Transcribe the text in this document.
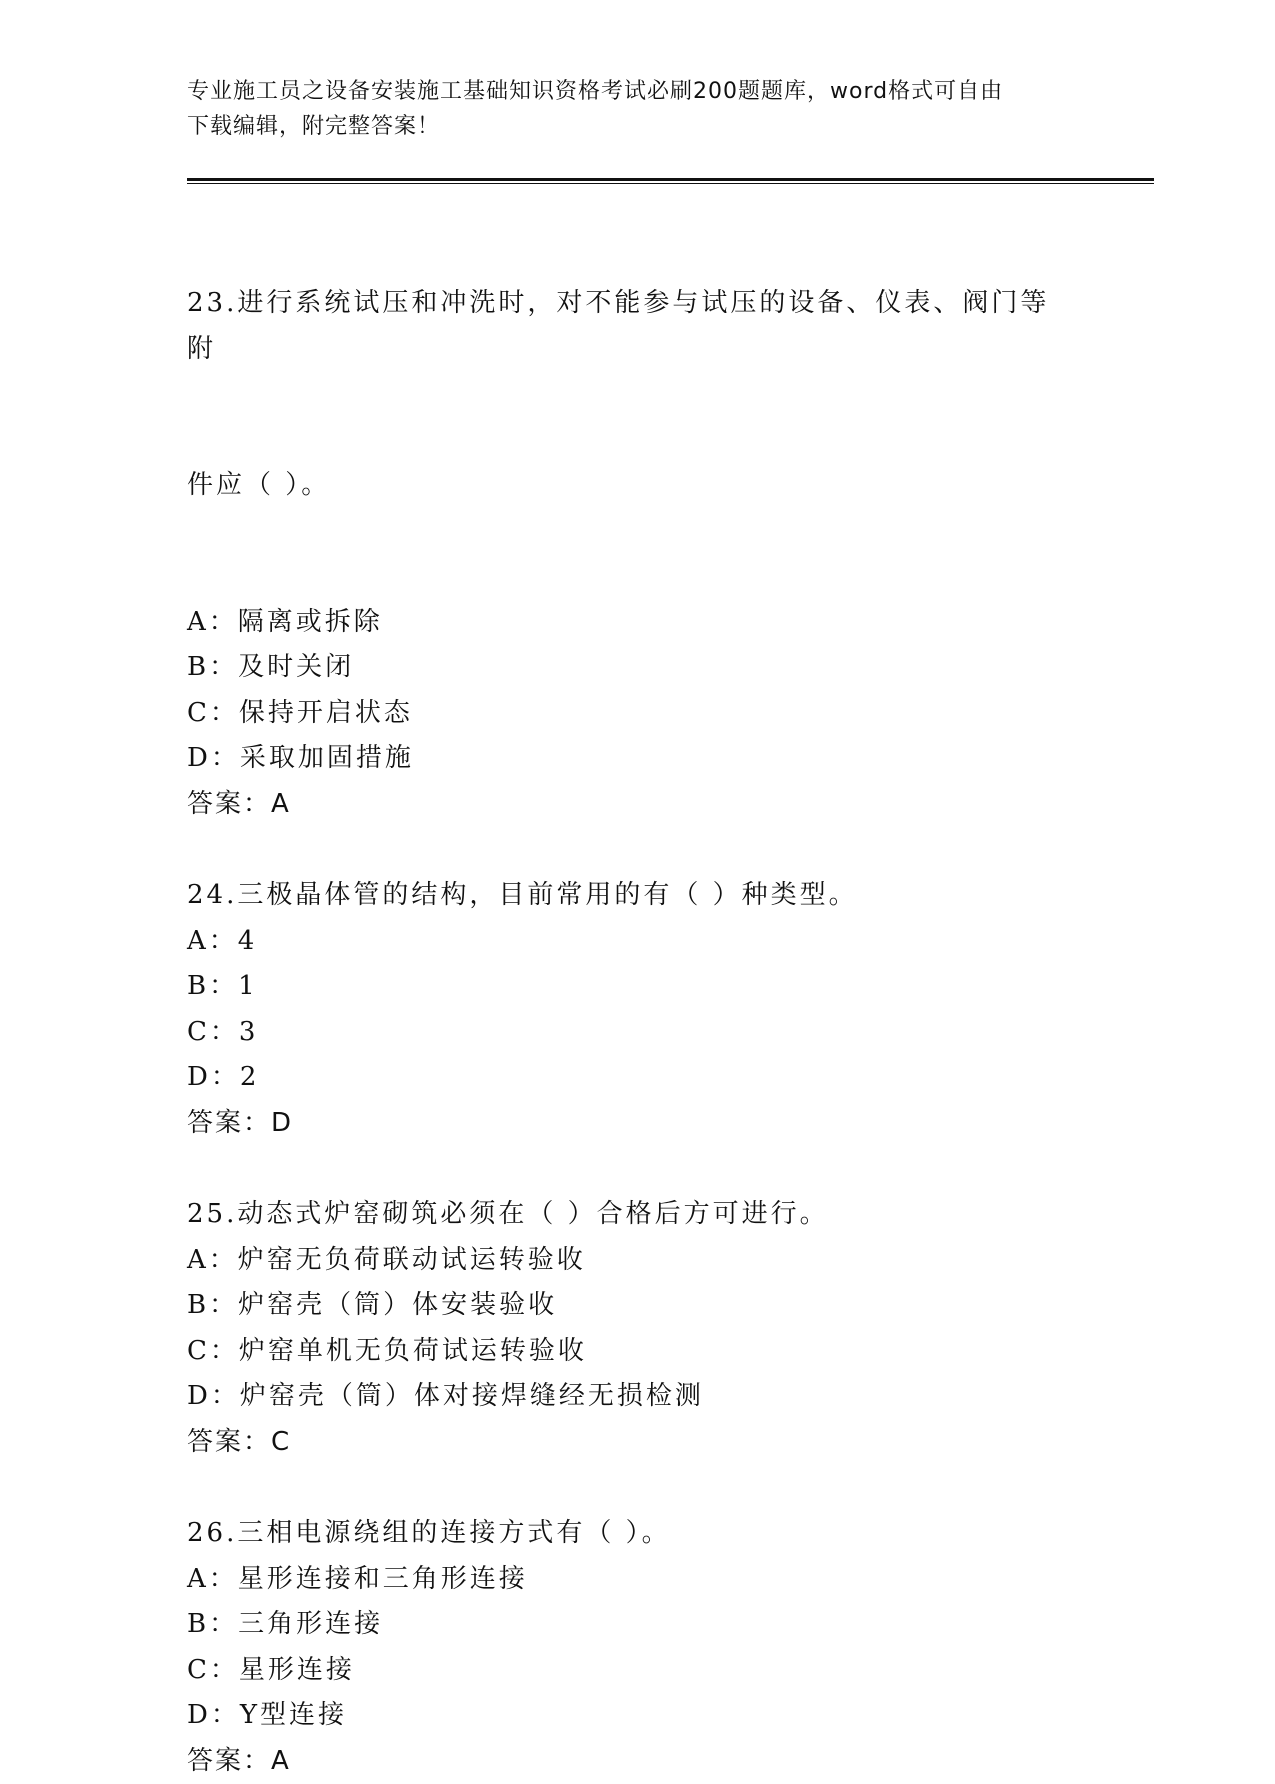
专业施工员之设备安装施工基础知识资格考试必刷200题题库，word格式可自由
下载编辑，附完整答案！

23.进行系统试压和冲洗时，对不能参与试压的设备、仪表、阀门等附

件应（ ）。

A：隔离或拆除
B：及时关闭
C：保持开启状态
D：采取加固措施
答案：A
24.三极晶体管的结构，目前常用的有（ ）种类型。
A：4
B：1
C：3
D：2
答案：D
25.动态式炉窑砌筑必须在（ ）合格后方可进行。
A：炉窑无负荷联动试运转验收
B：炉窑壳（筒）体安装验收
C：炉窑单机无负荷试运转验收
D：炉窑壳（筒）体对接焊缝经无损检测
答案：C
26.三相电源绕组的连接方式有（ ）。
A：星形连接和三角形连接
B：三角形连接
C：星形连接
D：Y型连接
答案：A
